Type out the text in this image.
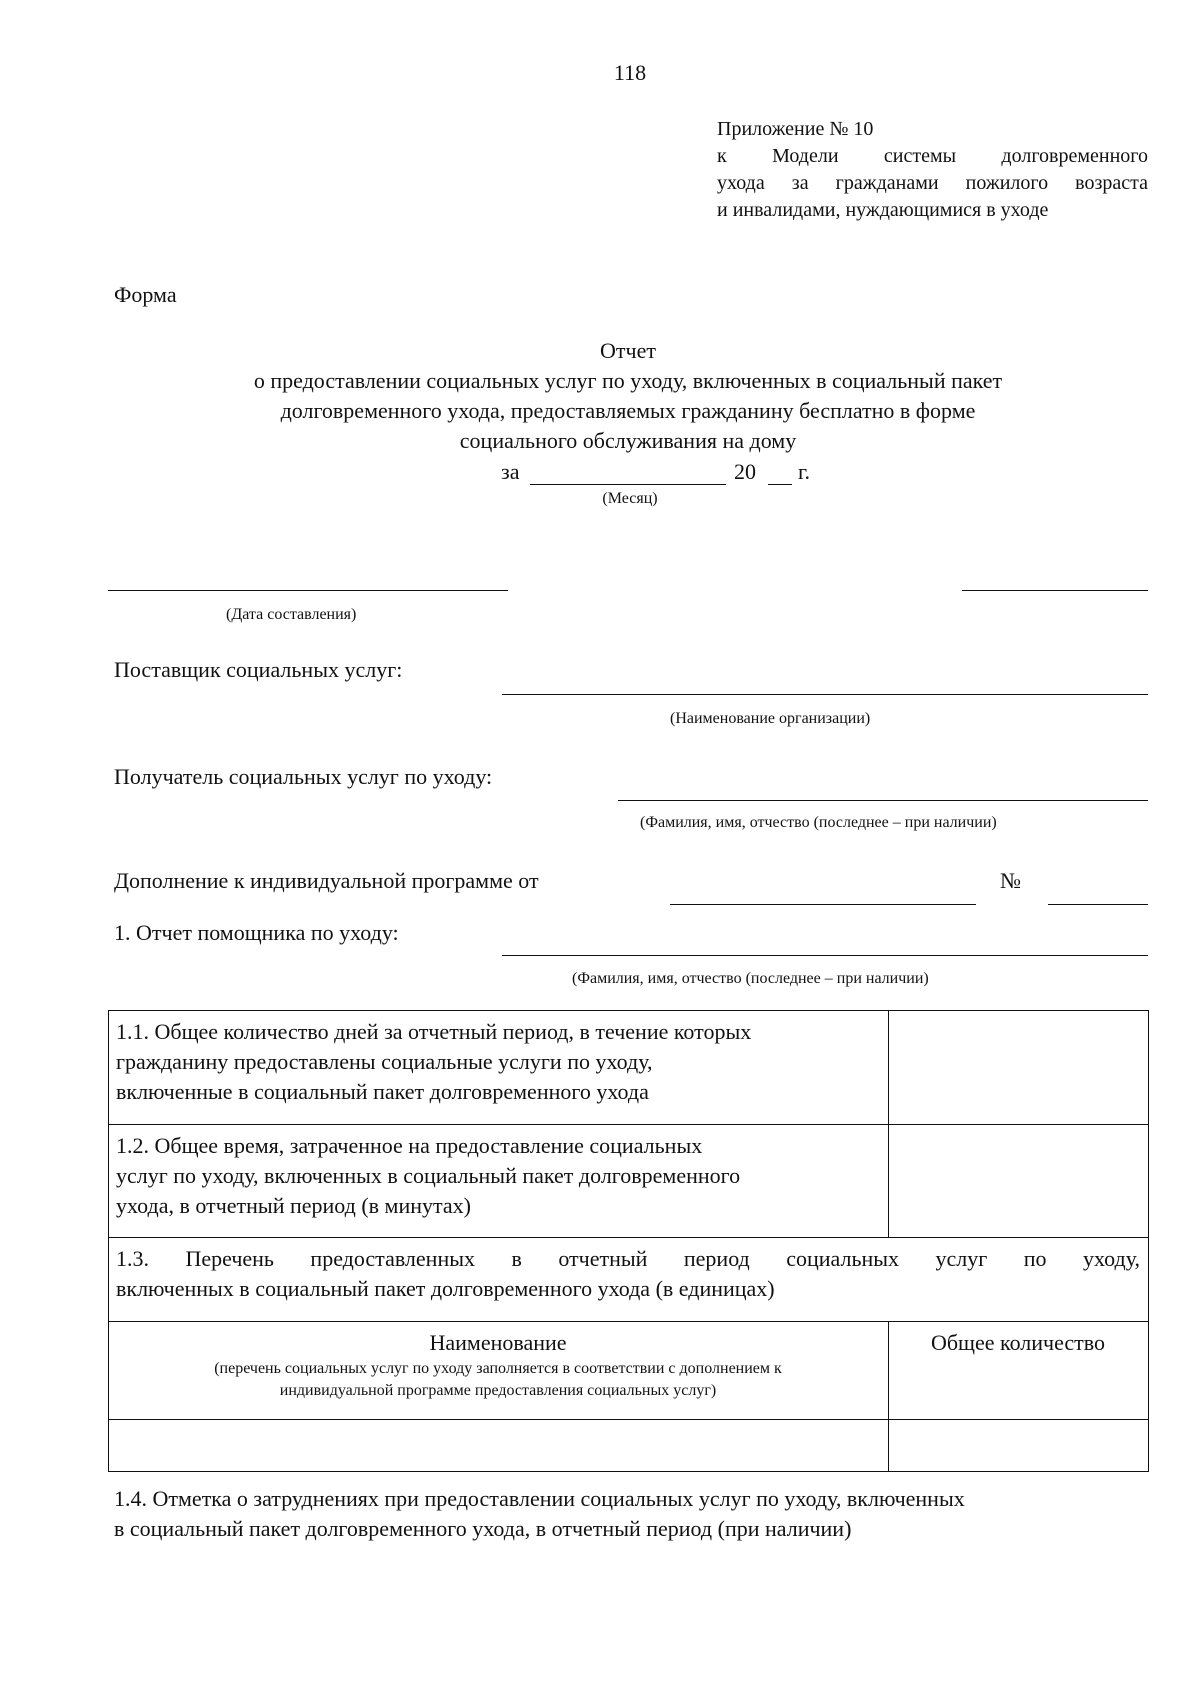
118
Приложение № 10
к Модели системы долговременного
ухода за гражданами пожилого возраста
и инвалидами, нуждающимися в уходе
Форма
Отчет
о предоставлении социальных услуг по уходу, включенных в социальный пакет
долговременного ухода, предоставляемых гражданину бесплатно в форме
социального обслуживания на дому
за	20 г.
(Месяц)
(Дата составления)
Поставщик социальных услуг:
(Наименование организации)
Получатель социальных услуг по уходу:
(Фамилия, имя, отчество (последнее – при наличии)
Дополнение к индивидуальной программе от	№
1. Отчет помощника по уходу:
(Фамилия, имя, отчество (последнее – при наличии)
1.1. Общее количество дней за отчетный период, в течение которых
гражданину предоставлены социальные услуги по уходу,
включенные в социальный пакет долговременного ухода	

1.2. Общее время, затраченное на предоставление социальных
услуг по уходу, включенных в социальный пакет долговременного
ухода, в отчетный период (в минутах)	

1.3. Перечень предоставленных в отчетный период социальных услуг по уходу,
включенных в социальный пакет долговременного ухода (в единицах)	

Наименование
(перечень социальных услуг по уходу заполняется в соответствии с дополнением к
индивидуальной программе предоставления социальных услуг)	Общее количество

1.4. Отметка о затруднениях при предоставлении социальных услуг по уходу, включенных
в социальный пакет долговременного ухода, в отчетный период (при наличии)
